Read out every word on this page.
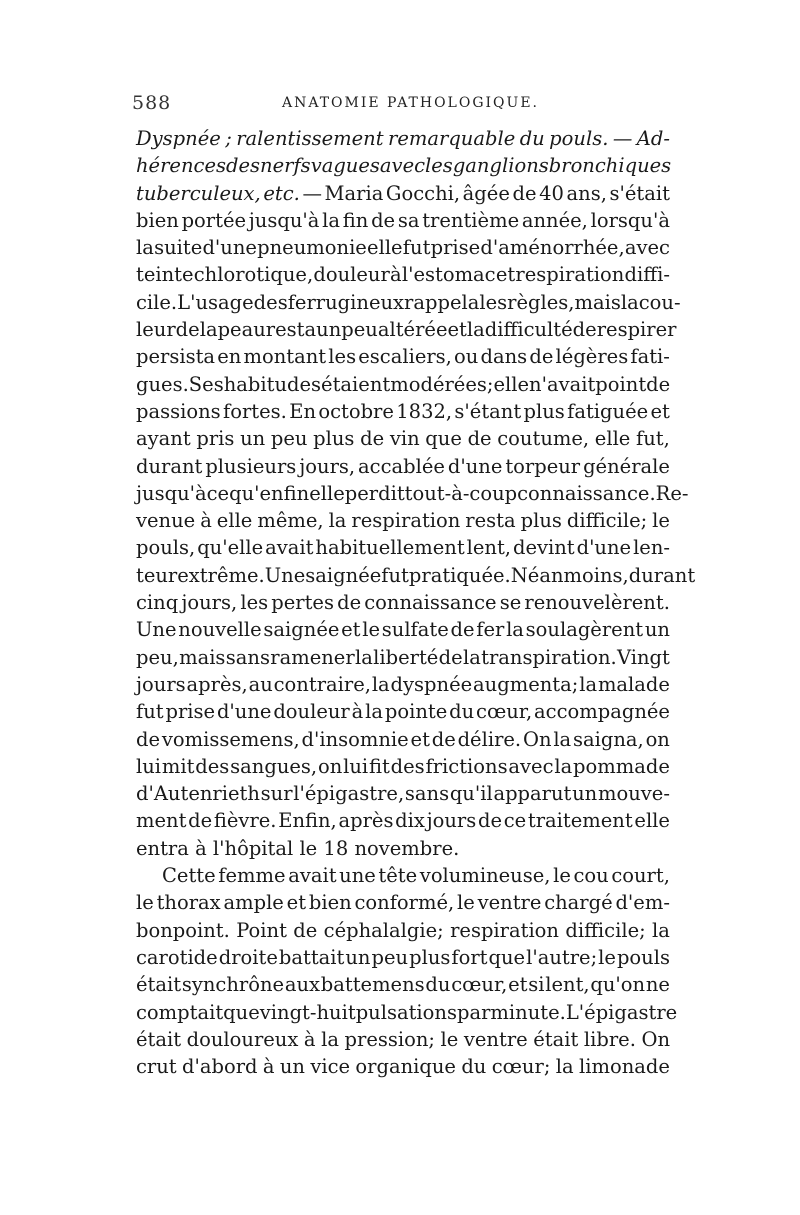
588	ANATOMIE PATHOLOGIQUE.
Dyspnée ; ralentissement remarquable du pouls. — Ad-
hérences des nerfs vagues avec les ganglions bronchiques
tuberculeux, etc. — Maria Gocchi, âgée de 40 ans, s'était
bien portée jusqu'à la fin de sa trentième année, lorsqu'à
la suite d'une pneumonie elle fut prise d'aménorrhée, avec
teinte chlorotique, douleur à l'estomac et respiration diffi-
cile. L'usage des ferrugineux rappela les règles, mais la cou-
leur de la peau resta un peu altérée et la difficulté de respirer
persista en montant les escaliers, ou dans de légères fati-
gues. Ses habitudes étaient modérées; elle n'avait point de
passions fortes. En octobre 1832, s'étant plus fatiguée et
ayant pris un peu plus de vin que de coutume, elle fut,
durant plusieurs jours, accablée d'une torpeur générale
jusqu'à ce qu'enfin elle perdit tout-à-coup connaissance. Re-
venue à elle même, la respiration resta plus difficile; le
pouls, qu'elle avait habituellement lent, devint d'une len-
teur extrême. Une saignée fut pratiquée. Néanmoins, durant
cinq jours, les pertes de connaissance se renouvelèrent.
Une nouvelle saignée et le sulfate de fer la soulagèrent un
peu, mais sans ramener la liberté de la transpiration. Vingt
jours après, au contraire, la dyspnée augmenta; la malade
fut prise d'une douleur à la pointe du cœur, accompagnée
de vomissemens, d'insomnie et de délire. On la saigna, on
lui mit des sangues, on lui fit des frictions avec la pommade
d'Autenrieth sur l'épigastre, sans qu'il apparut un mouve-
ment de fièvre. Enfin, après dix jours de ce traitement elle
entra à l'hôpital le 18 novembre.
Cette femme avait une tête volumineuse, le cou court,
le thorax ample et bien conformé, le ventre chargé d'em-
bonpoint. Point de céphalalgie; respiration difficile; la
carotide droite battait un peu plus fort que l'autre; le pouls
était synchrône aux battemens du cœur, et si lent, qu'on ne
comptait que vingt-huit pulsations par minute. L'épigastre
était douloureux à la pression; le ventre était libre. On
crut d'abord à un vice organique du cœur; la limonade
